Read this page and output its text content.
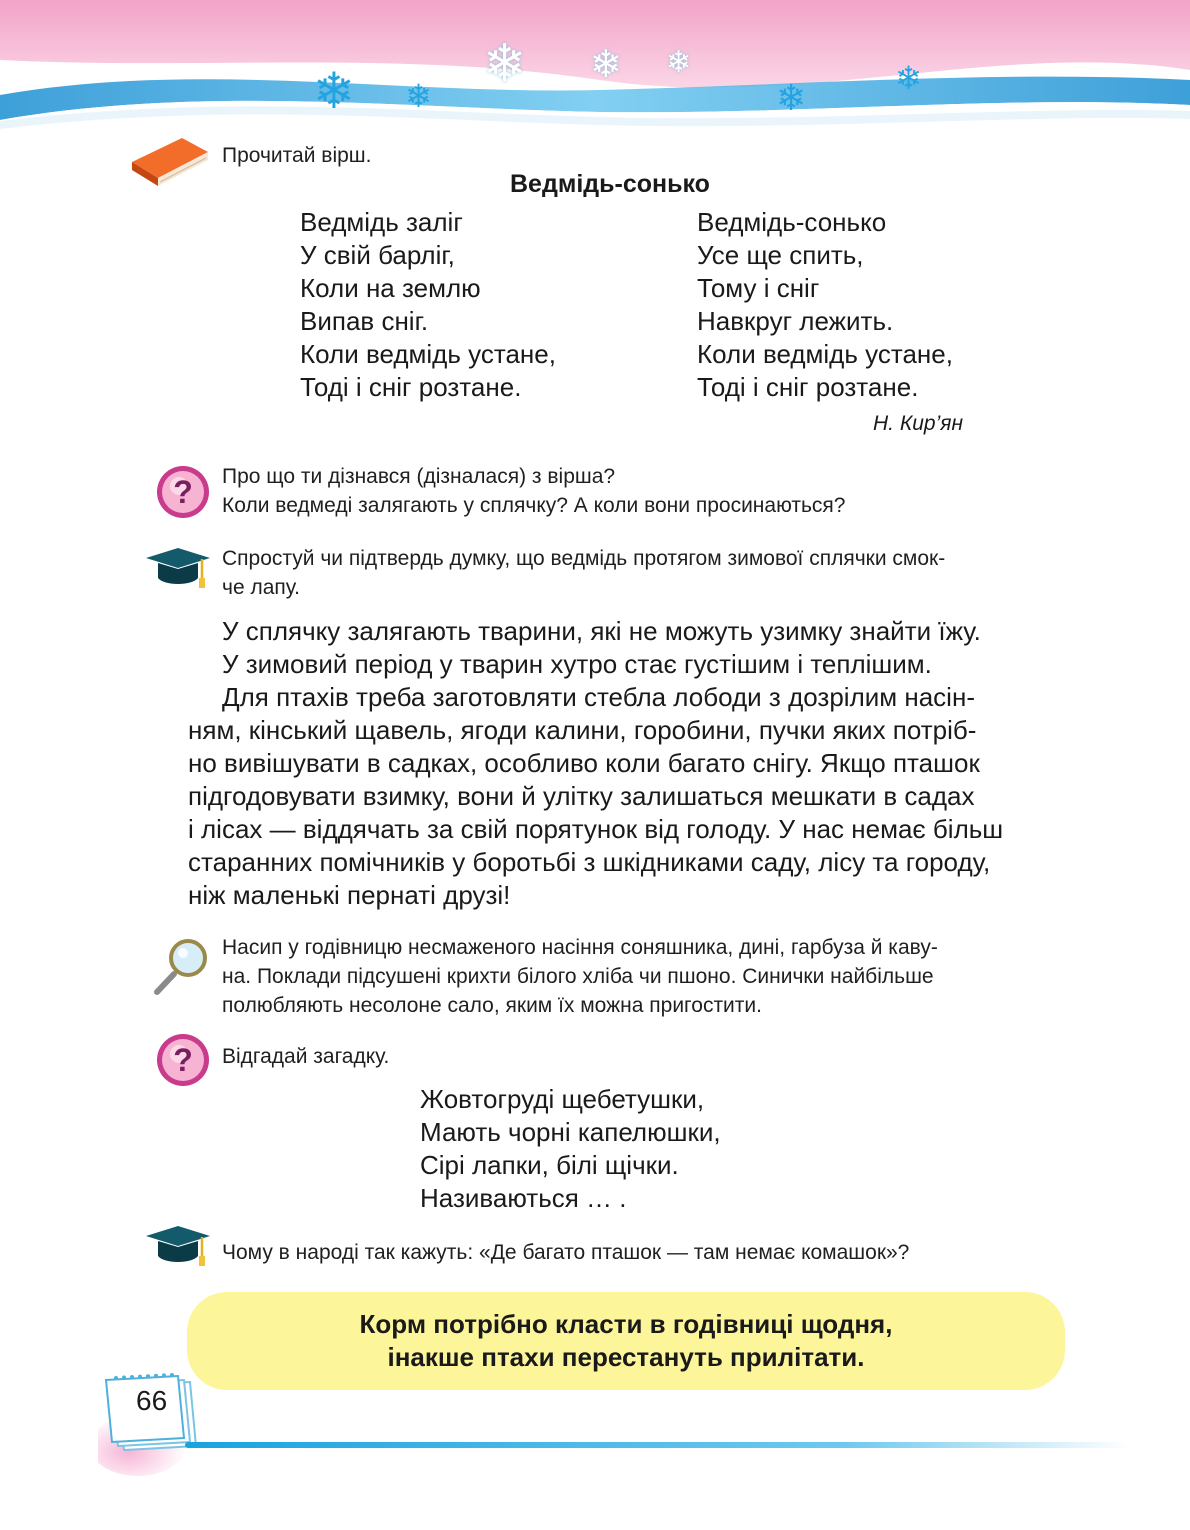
❄ ❄
❄ ❄ ❄
❄	❄
Прочитай вірш.
Ведмідь-сонько
Ведмідь заліг
У свій барліг,
Коли на землю
Випав сніг.
Коли ведмідь устане,
Тоді і сніг розтане.
Ведмідь-сонько
Усе ще спить,
Тому і сніг
Навкруг лежить.
Коли ведмідь устане,
Тоді і сніг розтане.
Н. Кир’ян
? Про що ти дізнався (дізналася) з вірша?
Коли ведмеді залягають у сплячку? А коли вони просинаються?
Спростуй чи підтвердь думку, що ведмідь протягом зимової сплячки смок-
че лапу.
У сплячку залягають тварини, які не можуть узимку знайти їжу.
У зимовий період у тварин хутро стає густішим і теплішим.
Для птахів треба заготовляти стебла лободи з дозрілим насін-
ням, кінський щавель, ягоди калини, горобини, пучки яких потріб-
но вивішувати в садках, особливо коли багато снігу. Якщо пташок
підгодовувати взимку, вони й улітку залишаться мешкати в садах
і лісах — віддячать за свій порятунок від голоду. У нас немає більш
старанних помічників у боротьбі з шкідниками саду, лісу та городу,
ніж маленькі пернаті друзі!
Насип у годівницю несмаженого насіння соняшника, дині, гарбуза й каву-
на. Поклади підсушені крихти білого хліба чи пшоно. Синички найбільше
полюбляють несолоне сало, яким їх можна пригостити.
? Відгадай загадку.
Жовтогруді щебетушки,
Мають чорні капелюшки,
Сірі лапки, білі щічки.
Називаються … .
Чому в народі так кажуть: «Де багато пташок — там немає комашок»?
Корм потрібно класти в годівниці щодня,
інакше птахи перестануть прилітати.
66
